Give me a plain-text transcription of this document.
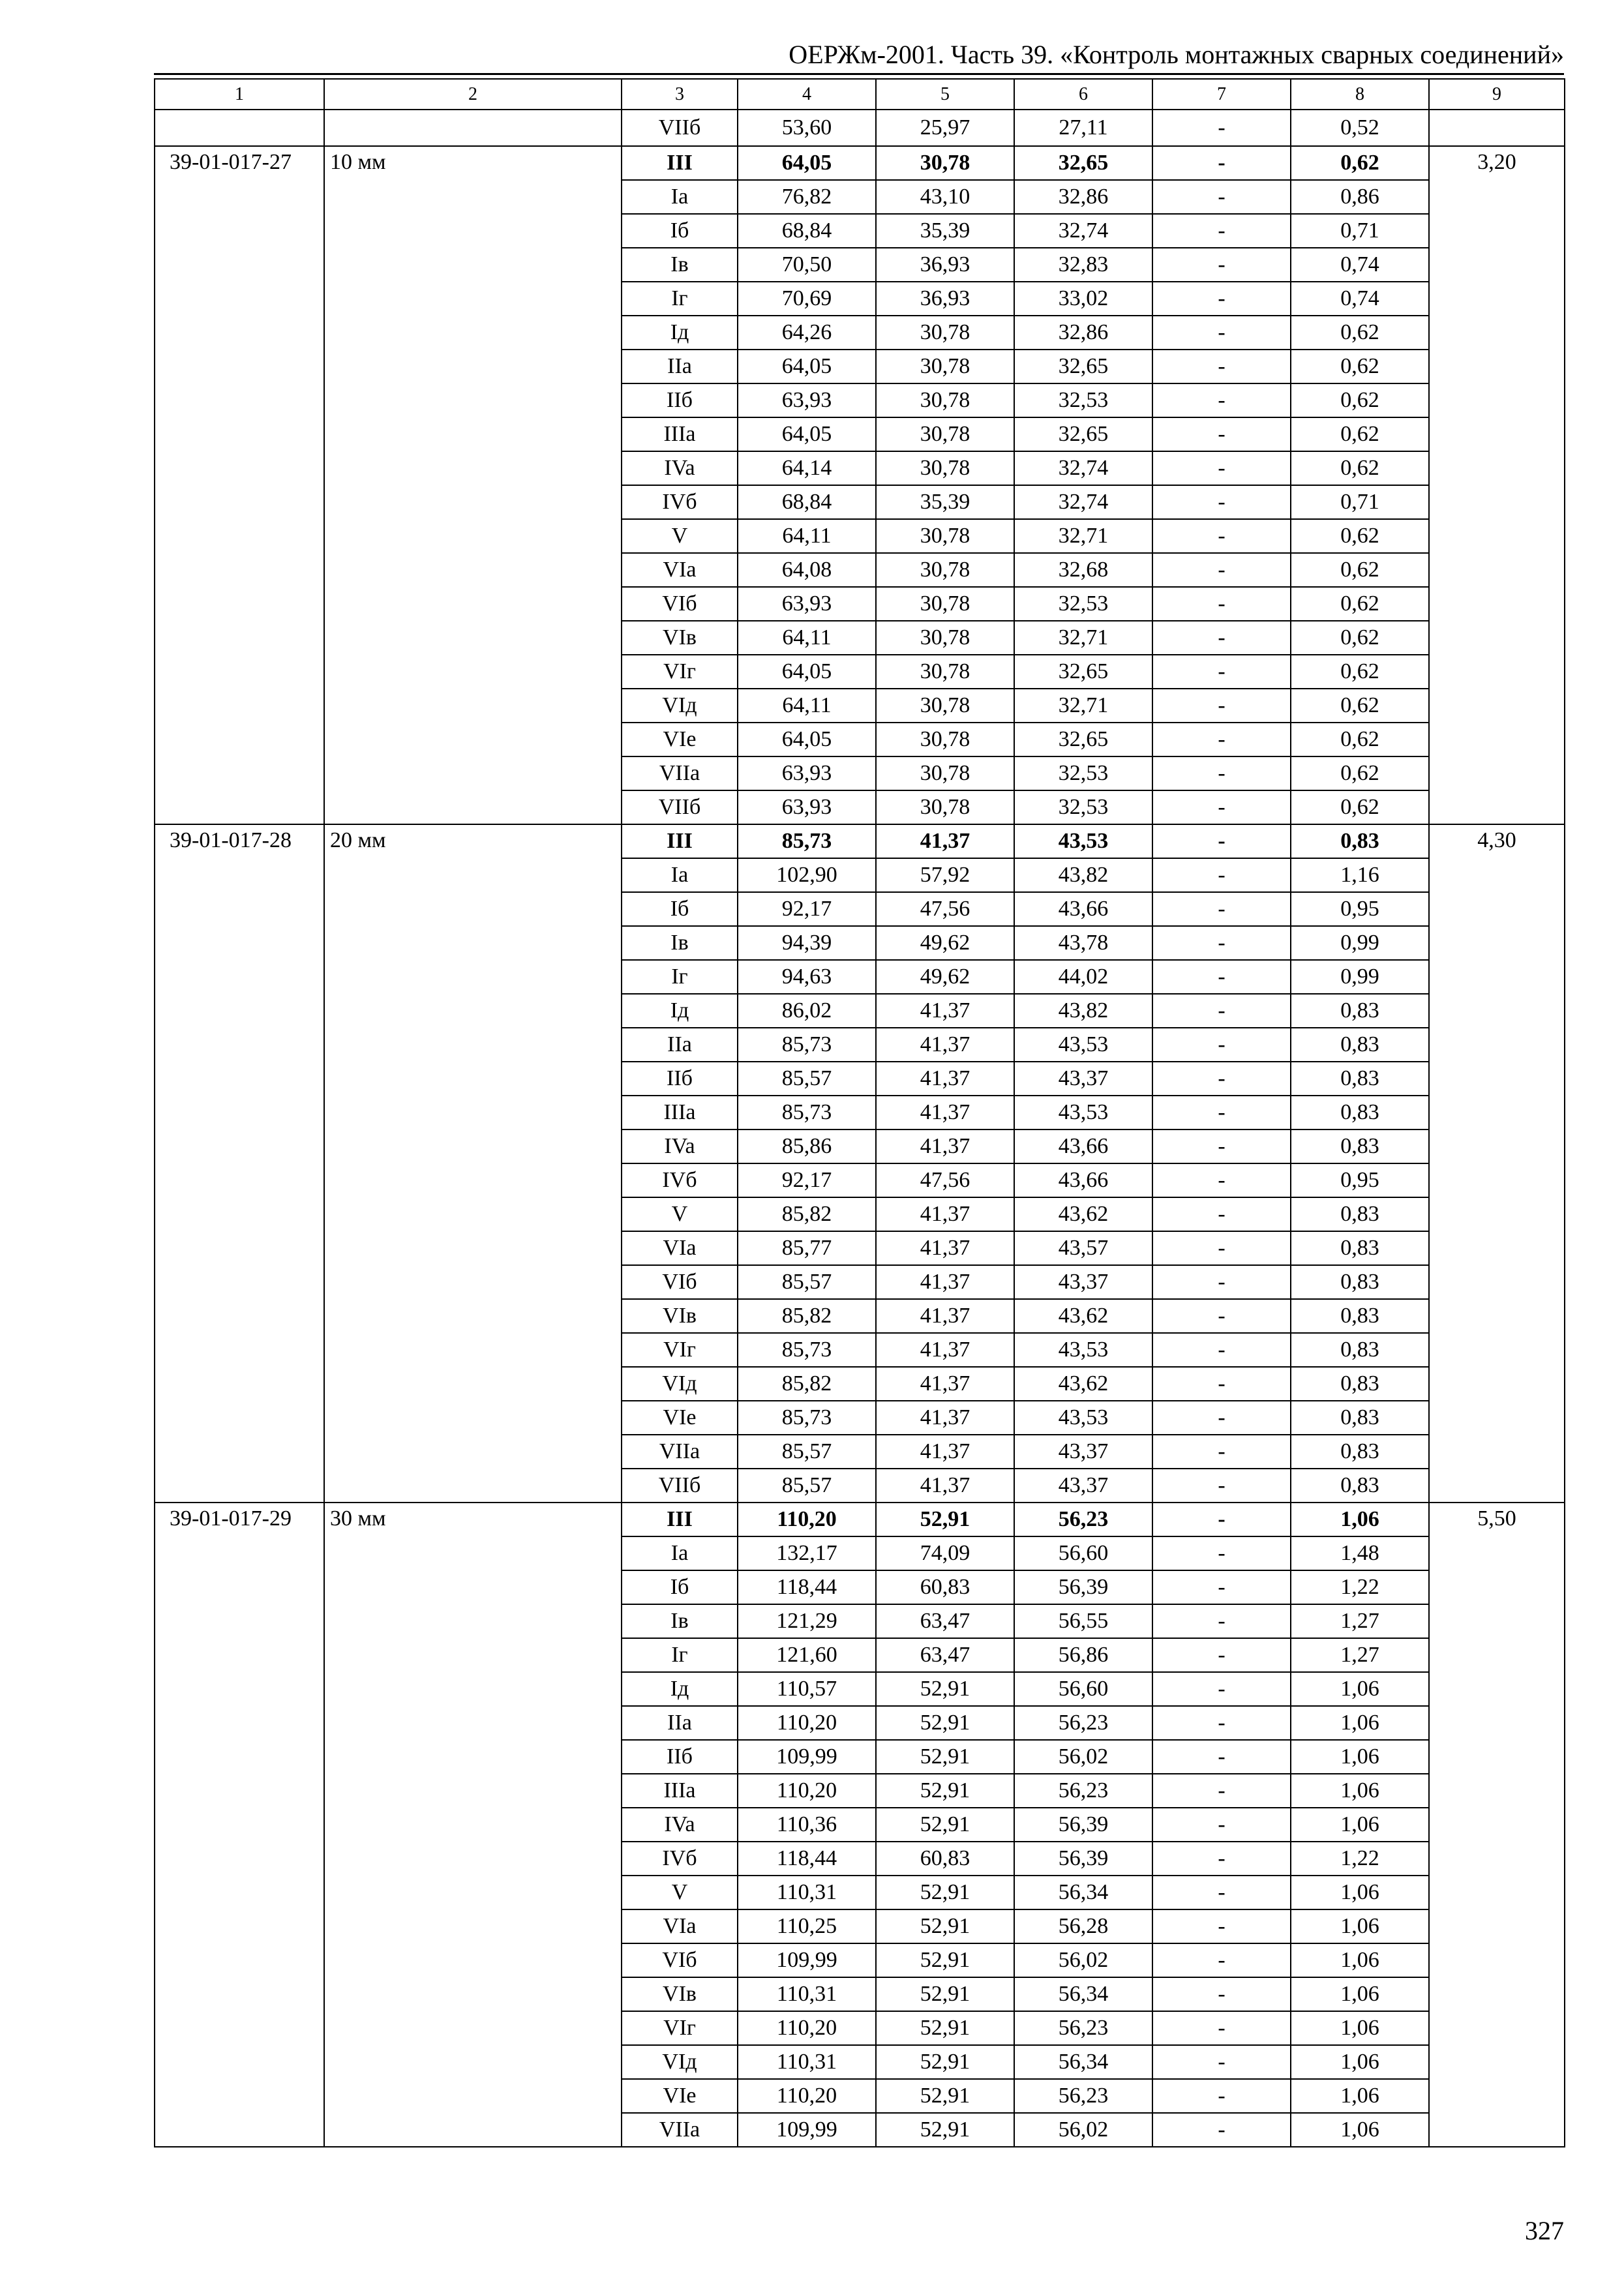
ОЕРЖм-2001. Часть 39. «Контроль монтажных сварных соединений»
1	2	3	4	5	6	7	8	9
		VIIб	53,60	25,97	27,11	-	0,52	
39-01-017-27	10 мм	III	64,05	30,78	32,65	-	0,62	3,20
		Ia	76,82	43,10	32,86	-	0,86	
		Iб	68,84	35,39	32,74	-	0,71	
		Iв	70,50	36,93	32,83	-	0,74	
		Iг	70,69	36,93	33,02	-	0,74	
		Iд	64,26	30,78	32,86	-	0,62	
		IIa	64,05	30,78	32,65	-	0,62	
		IIб	63,93	30,78	32,53	-	0,62	
		IIIa	64,05	30,78	32,65	-	0,62	
		IVa	64,14	30,78	32,74	-	0,62	
		IVб	68,84	35,39	32,74	-	0,71	
		V	64,11	30,78	32,71	-	0,62	
		VIa	64,08	30,78	32,68	-	0,62	
		VIб	63,93	30,78	32,53	-	0,62	
		VIв	64,11	30,78	32,71	-	0,62	
		VIг	64,05	30,78	32,65	-	0,62	
		VIд	64,11	30,78	32,71	-	0,62	
		VIe	64,05	30,78	32,65	-	0,62	
		VIIa	63,93	30,78	32,53	-	0,62	
		VIIб	63,93	30,78	32,53	-	0,62	
39-01-017-28	20 мм	III	85,73	41,37	43,53	-	0,83	4,30
		Ia	102,90	57,92	43,82	-	1,16	
		Iб	92,17	47,56	43,66	-	0,95	
		Iв	94,39	49,62	43,78	-	0,99	
		Iг	94,63	49,62	44,02	-	0,99	
		Iд	86,02	41,37	43,82	-	0,83	
		IIa	85,73	41,37	43,53	-	0,83	
		IIб	85,57	41,37	43,37	-	0,83	
		IIIa	85,73	41,37	43,53	-	0,83	
		IVa	85,86	41,37	43,66	-	0,83	
		IVб	92,17	47,56	43,66	-	0,95	
		V	85,82	41,37	43,62	-	0,83	
		VIa	85,77	41,37	43,57	-	0,83	
		VIб	85,57	41,37	43,37	-	0,83	
		VIв	85,82	41,37	43,62	-	0,83	
		VIг	85,73	41,37	43,53	-	0,83	
		VIд	85,82	41,37	43,62	-	0,83	
		VIe	85,73	41,37	43,53	-	0,83	
		VIIa	85,57	41,37	43,37	-	0,83	
		VIIб	85,57	41,37	43,37	-	0,83	
39-01-017-29	30 мм	III	110,20	52,91	56,23	-	1,06	5,50
		Ia	132,17	74,09	56,60	-	1,48	
		Iб	118,44	60,83	56,39	-	1,22	
		Iв	121,29	63,47	56,55	-	1,27	
		Iг	121,60	63,47	56,86	-	1,27	
		Iд	110,57	52,91	56,60	-	1,06	
		IIa	110,20	52,91	56,23	-	1,06	
		IIб	109,99	52,91	56,02	-	1,06	
		IIIa	110,20	52,91	56,23	-	1,06	
		IVa	110,36	52,91	56,39	-	1,06	
		IVб	118,44	60,83	56,39	-	1,22	
		V	110,31	52,91	56,34	-	1,06	
		VIa	110,25	52,91	56,28	-	1,06	
		VIб	109,99	52,91	56,02	-	1,06	
		VIв	110,31	52,91	56,34	-	1,06	
		VIг	110,20	52,91	56,23	-	1,06	
		VIд	110,31	52,91	56,34	-	1,06	
		VIe	110,20	52,91	56,23	-	1,06	
		VIIa	109,99	52,91	56,02	-	1,06	
327
